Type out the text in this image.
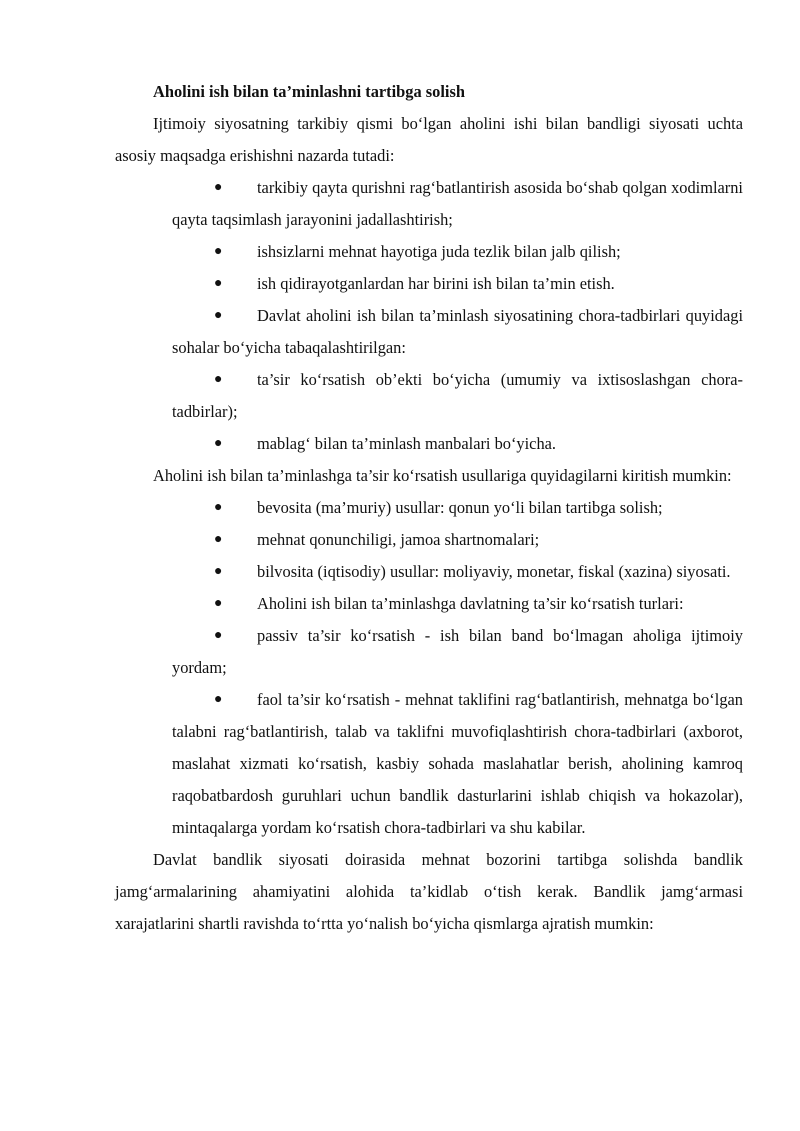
Aholini ish bilan ta’minlashni tartibga solish

Ijtimoiy siyosatning tarkibiy qismi bo‘lgan aholini ishi bilan bandligi siyosati uchta asosiy maqsadga erishishni nazarda tutadi:

● tarkibiy qayta qurishni rag‘batlantirish asosida bo‘shab qolgan xodimlarni qayta taqsimlash jarayonini jadallashtirish;
● ishsizlarni mehnat hayotiga juda tezlik bilan jalb qilish;
● ish qidirayotganlardan har birini ish bilan ta’min etish.
● Davlat aholini ish bilan ta’minlash siyosatining chora-tadbirlari quyidagi sohalar bo‘yicha tabaqalashtirilgan:
● ta’sir ko‘rsatish ob’ekti bo‘yicha (umumiy va ixtisoslashgan chora-tadbirlar);
● mablag‘ bilan ta’minlash manbalari bo‘yicha.

Aholini ish bilan ta’minlashga ta’sir ko‘rsatish usullariga quyidagilarni kiritish mumkin:

● bevosita (ma’muriy) usullar: qonun yo‘li bilan tartibga solish;
● mehnat qonunchiligi, jamoa shartnomalari;
● bilvosita (iqtisodiy) usullar: moliyaviy, monetar, fiskal (xazina) siyosati.
● Aholini ish bilan ta’minlashga davlatning ta’sir ko‘rsatish turlari:
● passiv ta’sir ko‘rsatish - ish bilan band bo‘lmagan aholiga ijtimoiy yordam;
● faol ta’sir ko‘rsatish - mehnat taklifini rag‘batlantirish, mehnatga bo‘lgan talabni rag‘batlantirish, talab va taklifni muvofiqlashtirish chora-tadbirlari (axborot, maslahat xizmati ko‘rsatish, kasbiy sohada maslahatlar berish, aholining kamroq raqobatbardosh guruhlari uchun bandlik dasturlarini ishlab chiqish va hokazolar), mintaqalarga yordam ko‘rsatish chora-tadbirlari va shu kabilar.

Davlat bandlik siyosati doirasida mehnat bozorini tartibga solishda bandlik jamg‘armalarining ahamiyatini alohida ta’kidlab o‘tish kerak. Bandlik jamg‘armasi xarajatlarini shartli ravishda to‘rtta yo‘nalish bo‘yicha qismlarga ajratish mumkin:
